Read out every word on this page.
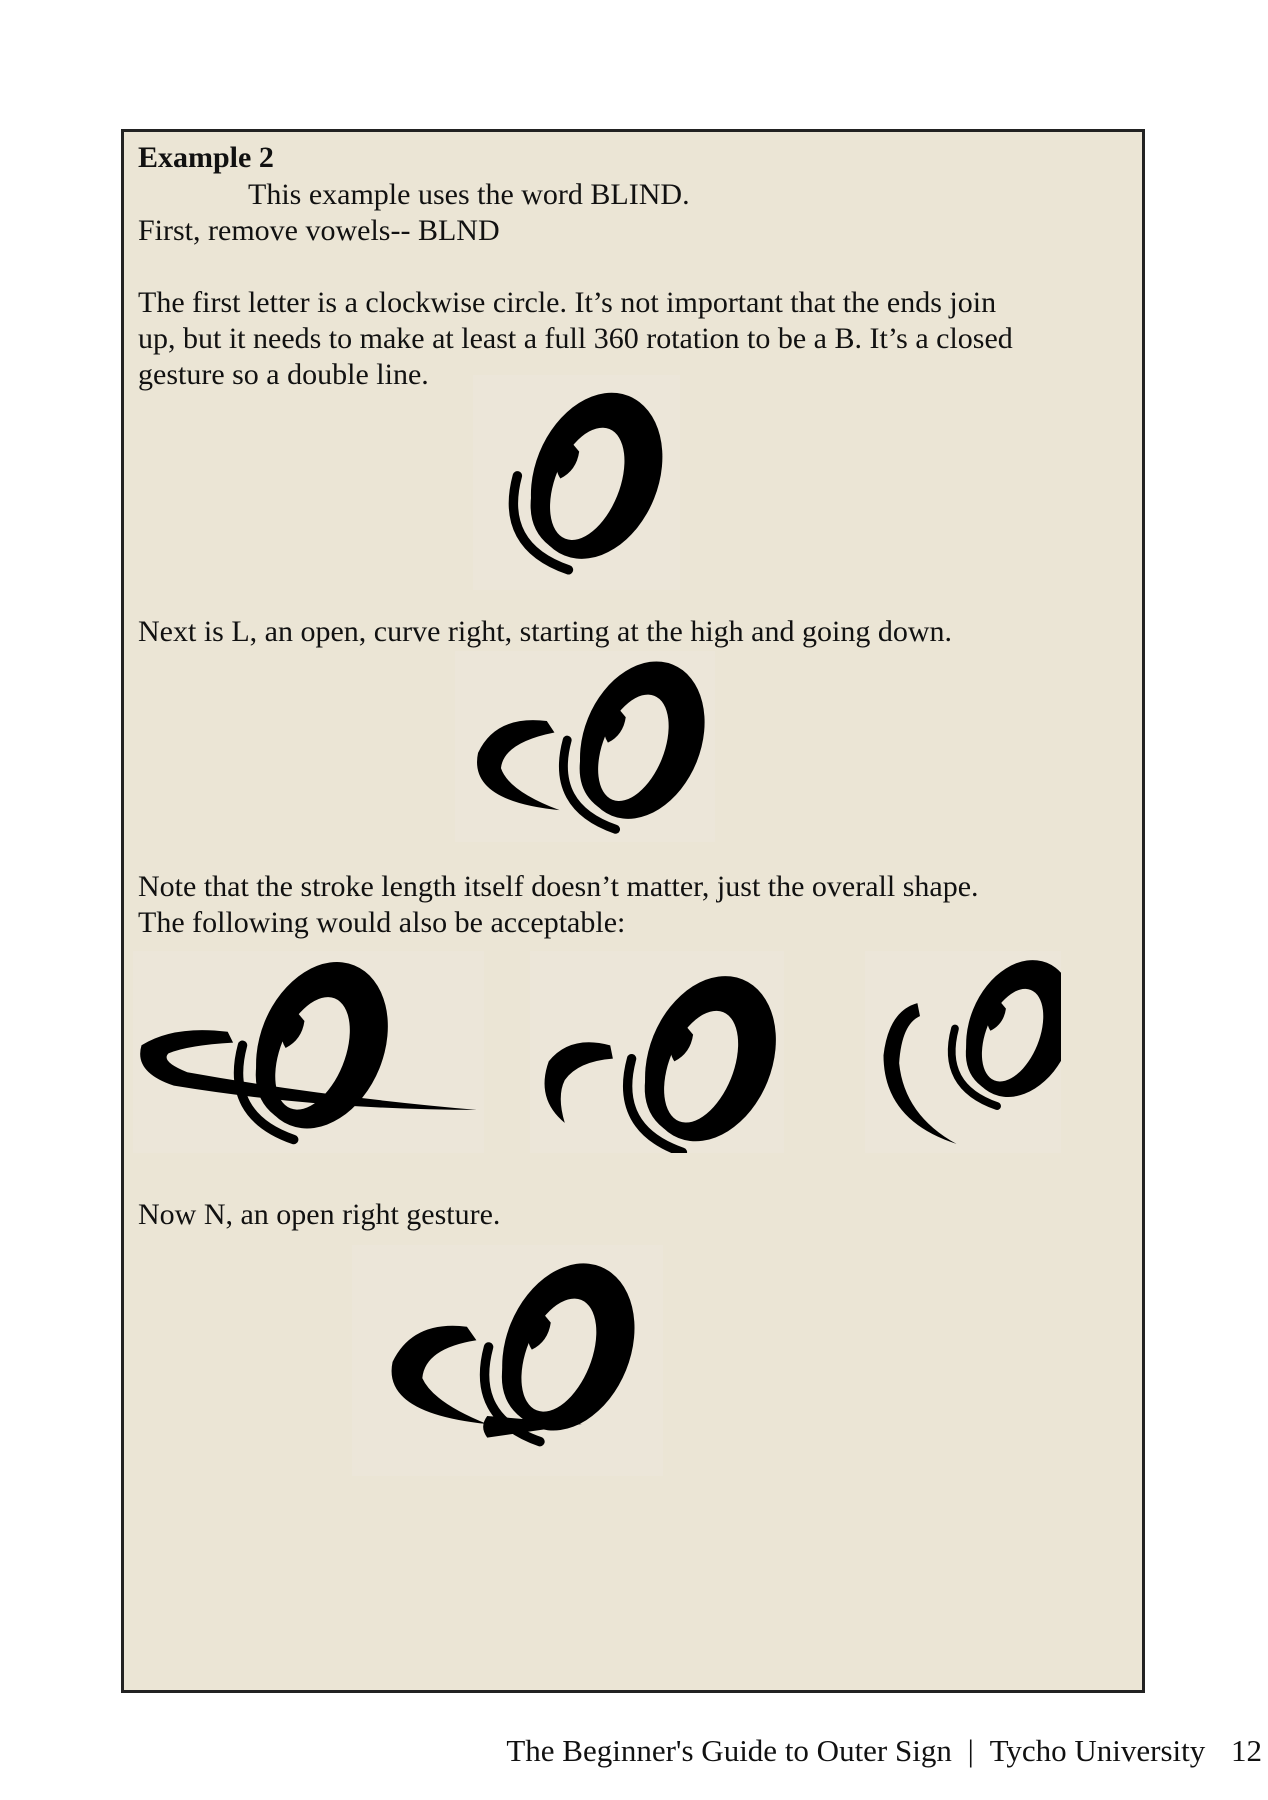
Example 2
This example uses the word BLIND.
First, remove vowels-- BLND
The first letter is a clockwise circle. It’s not important that the ends join
up, but it needs to make at least a full 360 rotation to be a B. It’s a closed
gesture so a double line.
Next is L, an open, curve right, starting at the high and going down.
Note that the stroke length itself doesn’t matter, just the overall shape.
The following would also be acceptable:
Now N, an open right gesture.
The Beginner's Guide to Outer Sign | Tycho University 12
